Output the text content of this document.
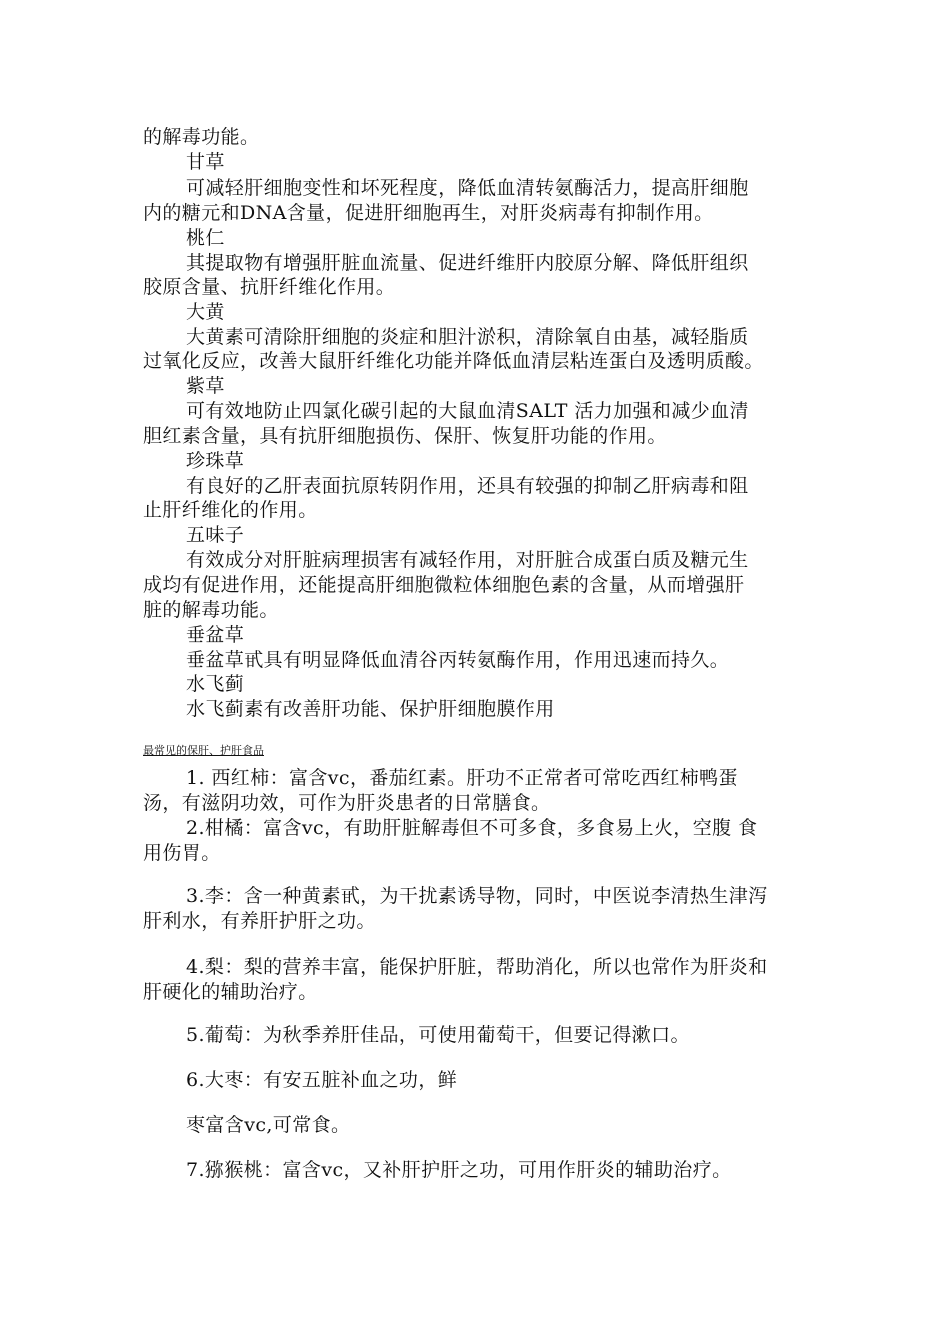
的解毒功能。
甘草
可减轻肝细胞变性和坏死程度，降低血清转氨酶活力，提高肝细胞
内的糖元和DNA含量，促进肝细胞再生，对肝炎病毒有抑制作用。
桃仁
其提取物有增强肝脏血流量、促进纤维肝内胶原分解、降低肝组织
胶原含量、抗肝纤维化作用。
大黄
大黄素可清除肝细胞的炎症和胆汁淤积，清除氧自由基，减轻脂质
过氧化反应，改善大鼠肝纤维化功能并降低血清层粘连蛋白及透明质酸。
紫草
可有效地防止四氯化碳引起的大鼠血清SALT 活力加强和减少血清
胆红素含量，具有抗肝细胞损伤、保肝、恢复肝功能的作用。
珍珠草
有良好的乙肝表面抗原转阴作用，还具有较强的抑制乙肝病毒和阻
止肝纤维化的作用。
五味子
有效成分对肝脏病理损害有减轻作用，对肝脏合成蛋白质及糖元生
成均有促进作用，还能提高肝细胞微粒体细胞色素的含量，从而增强肝
脏的解毒功能。
垂盆草
垂盆草甙具有明显降低血清谷丙转氨酶作用，作用迅速而持久。
水飞蓟
水飞蓟素有改善肝功能、保护肝细胞膜作用
最常见的保肝、护肝食品
1. 西红柿：富含vc，番茄红素。肝功不正常者可常吃西红柿鸭蛋
汤，有滋阴功效，可作为肝炎患者的日常膳食。
2.柑橘：富含vc，有助肝脏解毒但不可多食，多食易上火，空腹 食
用伤胃。
3.李：含一种黄素甙，为干扰素诱导物，同时，中医说李清热生津泻
肝利水，有养肝护肝之功。
4.梨：梨的营养丰富，能保护肝脏，帮助消化，所以也常作为肝炎和
肝硬化的辅助治疗。
5.葡萄：为秋季养肝佳品，可使用葡萄干，但要记得漱口。
6.大枣：有安五脏补血之功，鲜
枣富含vc,可常食。
7.猕猴桃：富含vc，又补肝护肝之功，可用作肝炎的辅助治疗。
